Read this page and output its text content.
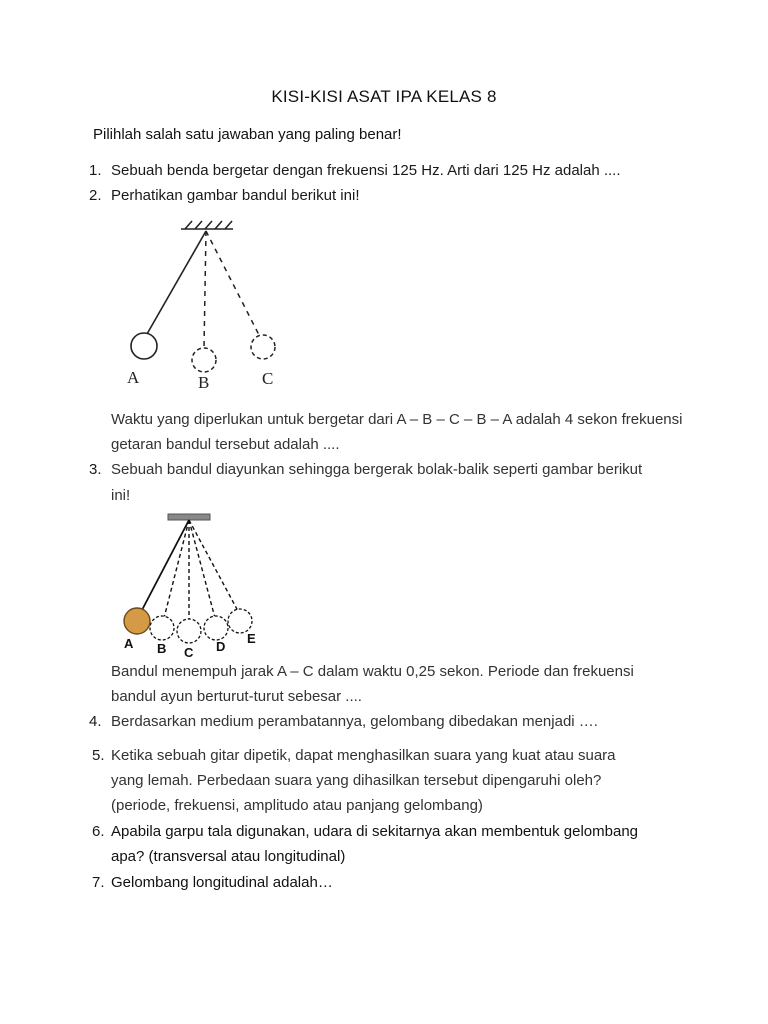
KISI-KISI ASAT IPA KELAS 8
Pilihlah salah satu jawaban yang paling benar!
1. Sebuah benda bergetar dengan frekuensi 125 Hz. Arti dari 125 Hz adalah ....
2. Perhatikan gambar bandul berikut ini!
A	B	C
Waktu yang diperlukan untuk bergetar dari A – B – C – B – A adalah 4 sekon frekuensi
getaran bandul tersebut adalah ....
3. Sebuah bandul diayunkan sehingga bergerak bolak-balik seperti gambar berikut
ini!
A B C D
E
Bandul menempuh jarak A – C dalam waktu 0,25 sekon. Periode dan frekuensi
bandul ayun berturut-turut sebesar ....
4. Berdasarkan medium perambatannya, gelombang dibedakan menjadi ….
5. Ketika sebuah gitar dipetik, dapat menghasilkan suara yang kuat atau suara
yang lemah. Perbedaan suara yang dihasilkan tersebut dipengaruhi oleh?
(periode, frekuensi, amplitudo atau panjang gelombang)
6. Apabila garpu tala digunakan, udara di sekitarnya akan membentuk gelombang
apa? (transversal atau longitudinal)
7. Gelombang longitudinal adalah…
